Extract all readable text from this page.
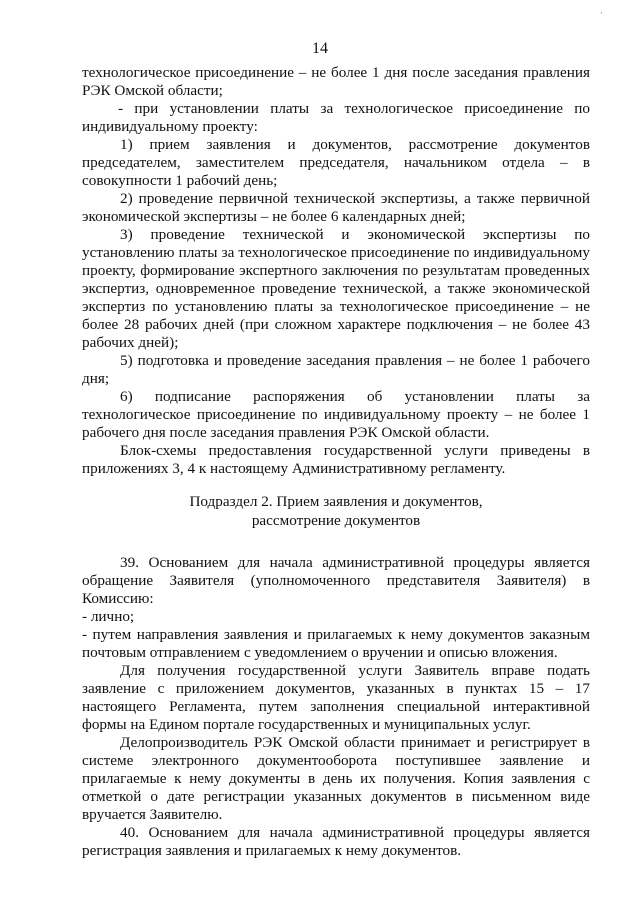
·
14

технологическое присоединение – не более 1 дня после заседания правления РЭК Омской области;

- при установлении платы за технологическое присоединение по индивидуальному проекту:

1) прием заявления и документов, рассмотрение документов председателем, заместителем председателя, начальником отдела – в совокупности 1 рабочий день;

2) проведение первичной технической экспертизы, а также первичной экономической экспертизы – не более 6 календарных дней;

3) проведение технической и экономической экспертизы по установлению платы за технологическое присоединение по индивидуальному проекту, формирование экспертного заключения по результатам проведенных экспертиз, одновременное проведение технической, а также экономической экспертиз по установлению платы за технологическое присоединение – не более 28 рабочих дней (при сложном характере подключения – не более 43 рабочих дней);

5) подготовка и проведение заседания правления – не более 1 рабочего дня;

6) подписание распоряжения об установлении платы за технологическое присоединение по индивидуальному проекту – не более 1 рабочего дня после заседания правления РЭК Омской области.

Блок-схемы предоставления государственной услуги приведены в приложениях 3, 4 к настоящему Административному регламенту.

Подраздел 2. Прием заявления и документов,
рассмотрение документов

39. Основанием для начала административной процедуры является обращение Заявителя (уполномоченного представителя Заявителя) в Комиссию:

- лично;

- путем направления заявления и прилагаемых к нему документов заказным почтовым отправлением с уведомлением о вручении и описью вложения.

Для получения государственной услуги Заявитель вправе подать заявление с приложением документов, указанных в пунктах 15 – 17 настоящего Регламента, путем заполнения специальной интерактивной формы на Едином портале государственных и муниципальных услуг.

Делопроизводитель РЭК Омской области принимает и регистрирует в системе электронного документооборота поступившее заявление и прилагаемые к нему документы в день их получения. Копия заявления с отметкой о дате регистрации указанных документов в письменном виде вручается Заявителю.

40. Основанием для начала административной процедуры является регистрация заявления и прилагаемых к нему документов.
